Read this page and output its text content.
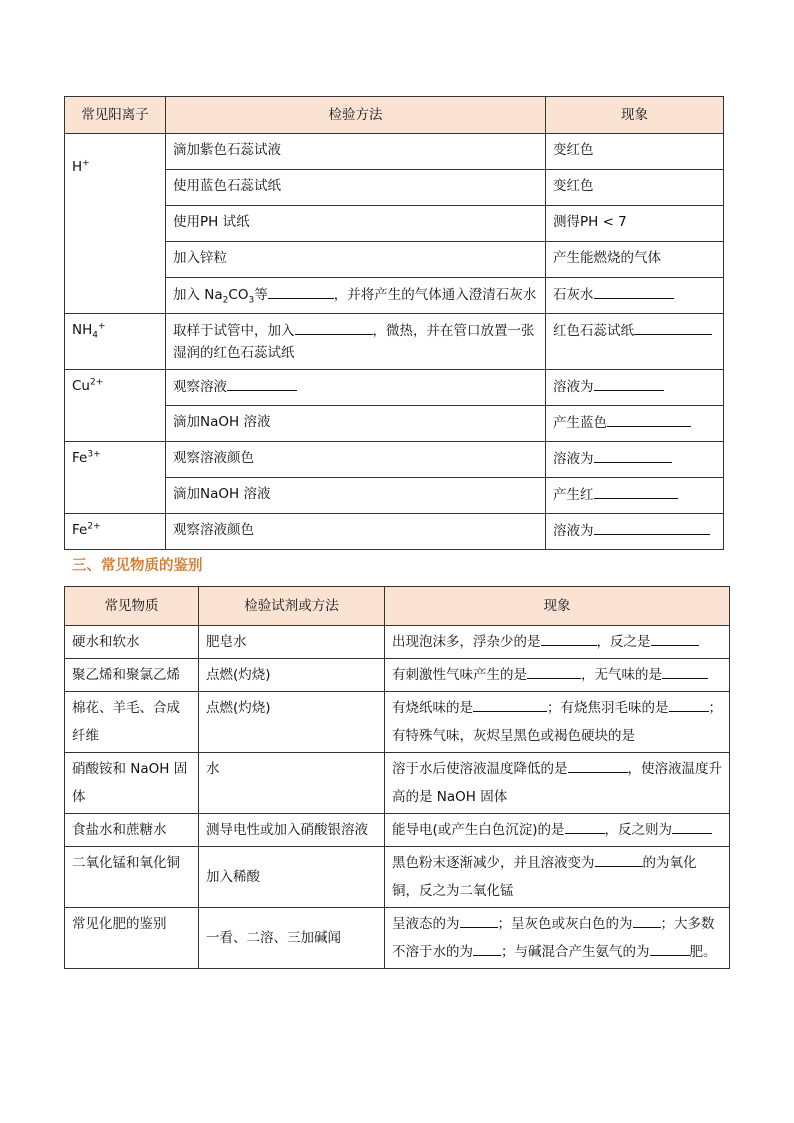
常见阳离子	检验方法	现象
H+	滴加紫色石蕊试液	变红色
	使用蓝色石蕊试纸	变红色
	使用PH 试纸	测得PH < 7
	加入锌粒	产生能燃烧的气体
	加入 $Na_2CO_3$等 ，并将产生的气体通入澄清石灰水	石灰水
$NH_4^+$	取样于试管中，加入 ，微热，并在管口放置一张湿润的红色石蕊试纸	红色石蕊试纸
$Cu^{2+}$	观察溶液	溶液为
	滴加NaOH 溶液	产生蓝色
$Fe^{3+}$	观察溶液颜色	溶液为
	滴加NaOH 溶液	产生红
$Fe^{2+}$	观察溶液颜色	溶液为
三、常见物质的鉴别
常见物质	检验试剂或方法	现象
硬水和软水	肥皂水	出现泡沫多，浮杂少的是 ，反之是
聚乙烯和聚氯乙烯	点燃(灼烧)	有刺激性气味产生的是 ，无气味的是
棉花、羊毛、合成纤维	点燃(灼烧)	有烧纸味的是 ；有烧焦羽毛味的是 ；有特殊气味，灰烬呈黑色或褐色硬块的是
硝酸铵和 NaOH 固体	水	溶于水后使溶液温度降低的是 ，使溶液温度升高的是 NaOH 固体
食盐水和蔗糖水	测导电性或加入硝酸银溶液	能导电(或产生白色沉淀)的是 ，反之则为
二氧化锰和氧化铜	加入稀酸	黑色粉末逐渐减少，并且溶液变为 的为氧化铜，反之为二氧化锰
常见化肥的鉴别	一看、二溶、三加碱闻	呈液态的为 ；呈灰色或灰白色的为 ；大多数不溶于水的为 ；与碱混合产生氨气的为 肥。
